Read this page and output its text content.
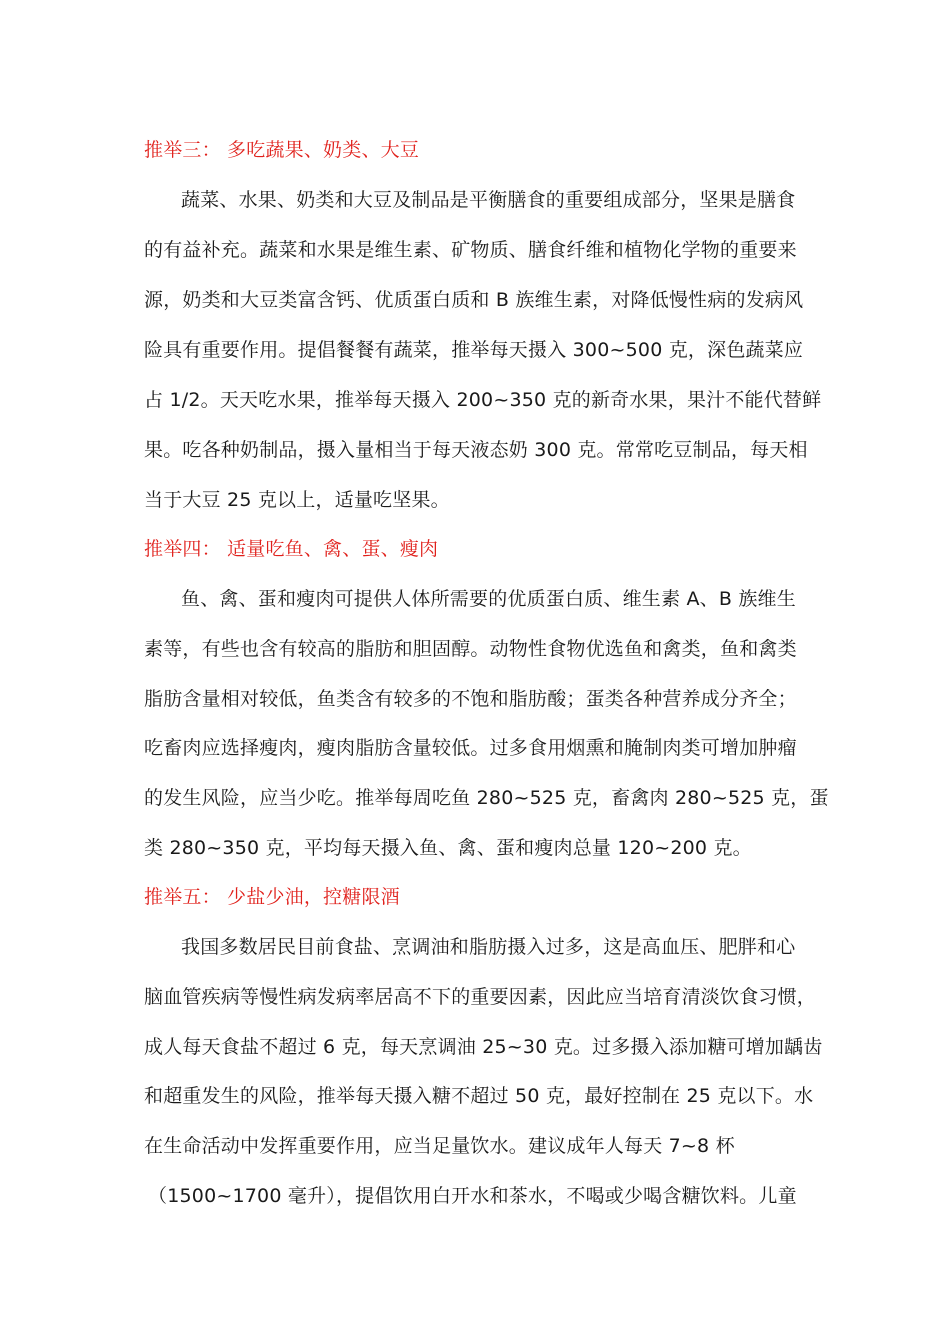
推举三： 多吃蔬果、奶类、大豆
蔬菜、水果、奶类和大豆及制品是平衡膳食的重要组成部分，坚果是膳食
的有益补充。蔬菜和水果是维生素、矿物质、膳食纤维和植物化学物的重要来
源，奶类和大豆类富含钙、优质蛋白质和 B 族维生素，对降低慢性病的发病风
险具有重要作用。提倡餐餐有蔬菜，推举每天摄入 300~500 克，深色蔬菜应
占 1/2。天天吃水果，推举每天摄入 200~350 克的新奇水果，果汁不能代替鲜
果。吃各种奶制品，摄入量相当于每天液态奶 300 克。常常吃豆制品，每天相
当于大豆 25 克以上，适量吃坚果。
推举四： 适量吃鱼、禽、蛋、瘦肉
鱼、禽、蛋和瘦肉可提供人体所需要的优质蛋白质、维生素 A、B 族维生
素等，有些也含有较高的脂肪和胆固醇。动物性食物优选鱼和禽类，鱼和禽类
脂肪含量相对较低，鱼类含有较多的不饱和脂肪酸；蛋类各种营养成分齐全；
吃畜肉应选择瘦肉，瘦肉脂肪含量较低。过多食用烟熏和腌制肉类可增加肿瘤
的发生风险，应当少吃。推举每周吃鱼 280~525 克，畜禽肉 280~525 克，蛋
类 280~350 克，平均每天摄入鱼、禽、蛋和瘦肉总量 120~200 克。
推举五： 少盐少油，控糖限酒
我国多数居民目前食盐、烹调油和脂肪摄入过多，这是高血压、肥胖和心
脑血管疾病等慢性病发病率居高不下的重要因素，因此应当培育清淡饮食习惯，
成人每天食盐不超过 6 克，每天烹调油 25~30 克。过多摄入添加糖可增加龋齿
和超重发生的风险，推举每天摄入糖不超过 50 克，最好控制在 25 克以下。水
在生命活动中发挥重要作用，应当足量饮水。建议成年人每天 7~8 杯
（1500~1700 毫升），提倡饮用白开水和茶水，不喝或少喝含糖饮料。儿童
